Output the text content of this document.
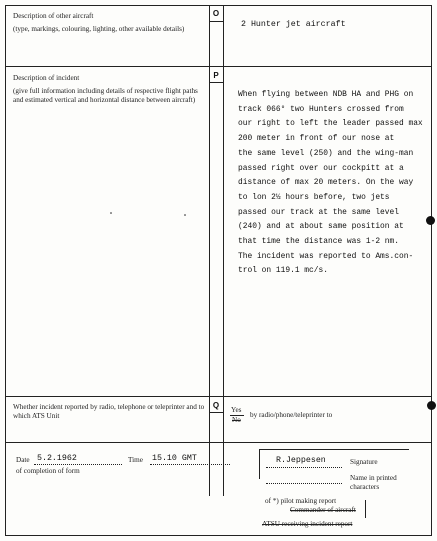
Description of other aircraft
(type, markings, colouring, lighting, other available details)
O
2 Hunter jet aircraft
Description of incident
(give full information including details of respective flight paths and estimated vertical and horizontal distance between aircraft)
P
When flying between NDB HA and PHG on
track 066° two Hunters crossed from
our right to left the leader passed max
200 meter in front of our nose at
the same level (250) and the wing-man
passed right over our cockpitt at a
distance of max 20 meters. On the way
to lon 2½ hours before, two jets
passed our track at the same level
(240) and at about same position at
that time the distance was 1-2 nm.
The incident was reported to Ams.con-
trol on 119.1 mc/s.
Whether incident reported by radio, telephone or teleprinter and to which ATS Unit
Q	Yes
No
by radio/phone/teleprinter to
Date 5.2.1962	Time 15.10 GMT
of completion of form
R.Jeppesen	Signature
Name in printed characters
of *) pilot making report
Commander of aircraft
ATSU receiving incident report
